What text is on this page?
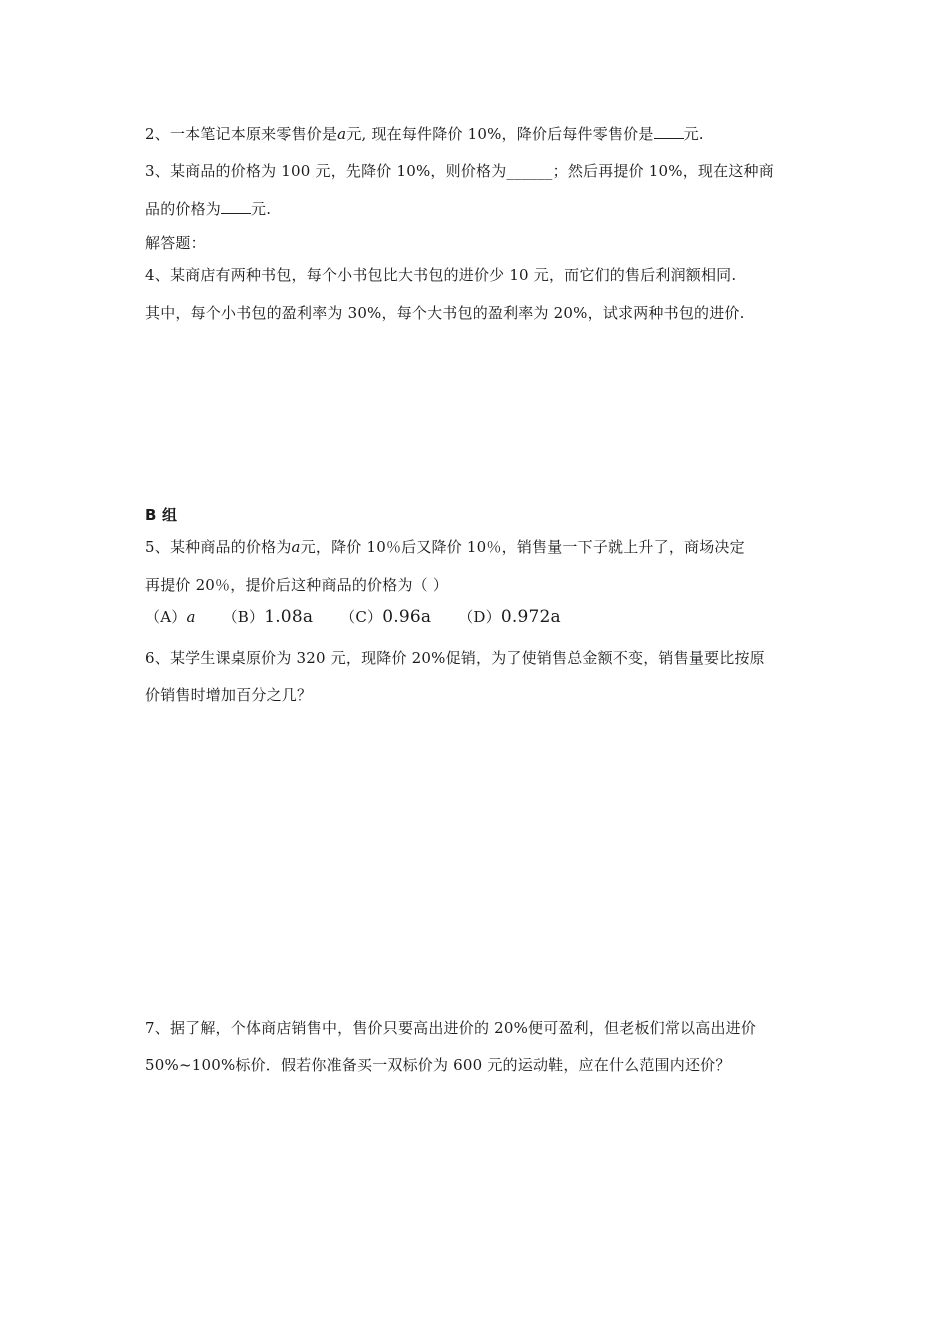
2、一本笔记本原来零售价是a元, 现在每件降价 10%，降价后每件零售价是 元.
3、某商品的价格为 100 元，先降价 10%，则价格为______；然后再提价 10%，现在这种商
品的价格为 元.
解答题：
4、某商店有两种书包，每个小书包比大书包的进价少 10 元，而它们的售后利润额相同.
其中，每个小书包的盈利率为 30%，每个大书包的盈利率为 20%，试求两种书包的进价.
B 组
5、某种商品的价格为a元，降价 10％后又降价 10％，销售量一下子就上升了，商场决定
再提价 20％，提价后这种商品的价格为（ ）
（A）a （B）1.08a （C）0.96a （D）0.972a
6、某学生课桌原价为 320 元，现降价 20%促销，为了使销售总金额不变，销售量要比按原
价销售时增加百分之几？
7、据了解，个体商店销售中，售价只要高出进价的 20%便可盈利，但老板们常以高出进价
50%~100%标价．假若你准备买一双标价为 600 元的运动鞋，应在什么范围内还价？
